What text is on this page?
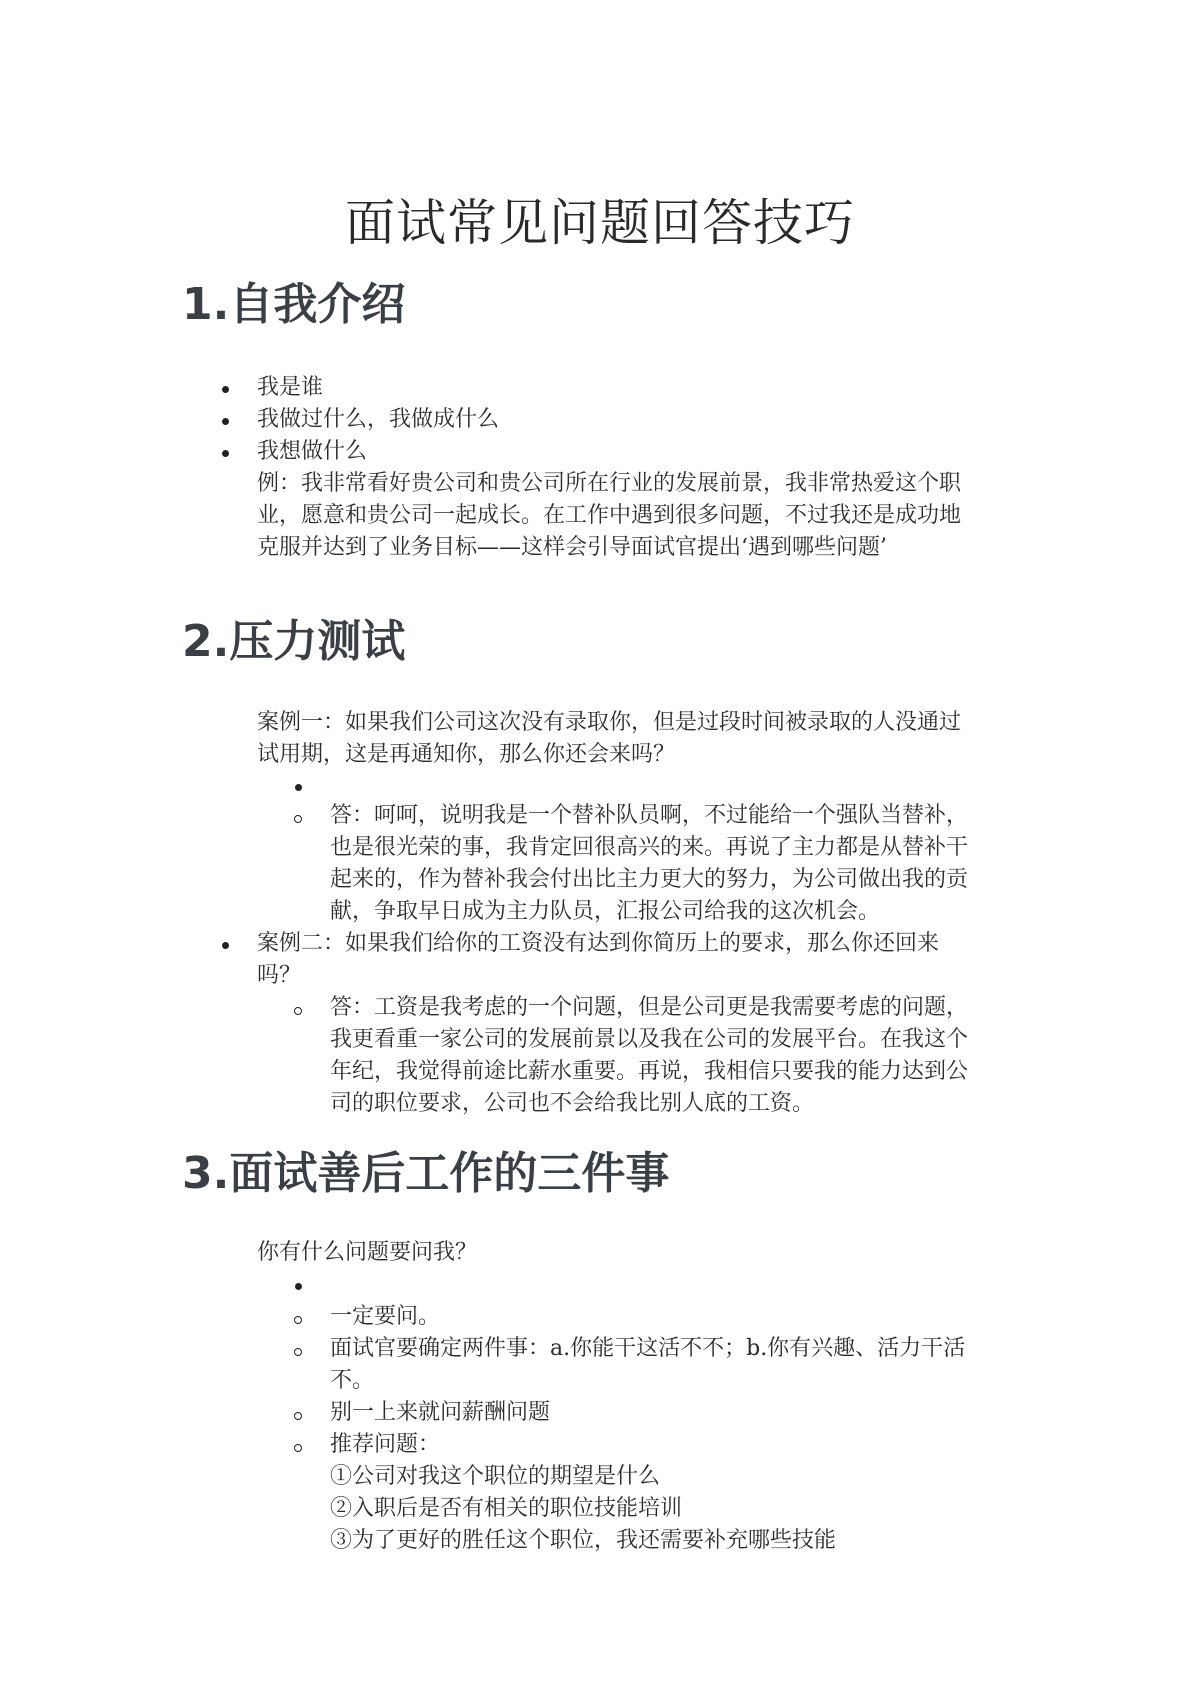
面试常见问题回答技巧
1.自我介绍
我是谁
我做过什么，我做成什么
我想做什么
例：我非常看好贵公司和贵公司所在行业的发展前景，我非常热爱这个职
业，愿意和贵公司一起成长。在工作中遇到很多问题，不过我还是成功地
克服并达到了业务目标——这样会引导面试官提出‘遇到哪些问题’
2.压力测试
案例一：如果我们公司这次没有录取你，但是过段时间被录取的人没通过
试用期，这是再通知你，那么你还会来吗？
答：呵呵，说明我是一个替补队员啊，不过能给一个强队当替补，
也是很光荣的事，我肯定回很高兴的来。再说了主力都是从替补干
起来的，作为替补我会付出比主力更大的努力，为公司做出我的贡
献，争取早日成为主力队员，汇报公司给我的这次机会。
案例二：如果我们给你的工资没有达到你简历上的要求，那么你还回来
吗？
答：工资是我考虑的一个问题，但是公司更是我需要考虑的问题，
我更看重一家公司的发展前景以及我在公司的发展平台。在我这个
年纪，我觉得前途比薪水重要。再说，我相信只要我的能力达到公
司的职位要求，公司也不会给我比别人底的工资。
3.面试善后工作的三件事
你有什么问题要问我？
一定要问。
面试官要确定两件事：a.你能干这活不不；b.你有兴趣、活力干活
不。
别一上来就问薪酬问题
推荐问题：
①公司对我这个职位的期望是什么
②入职后是否有相关的职位技能培训
③为了更好的胜任这个职位，我还需要补充哪些技能
